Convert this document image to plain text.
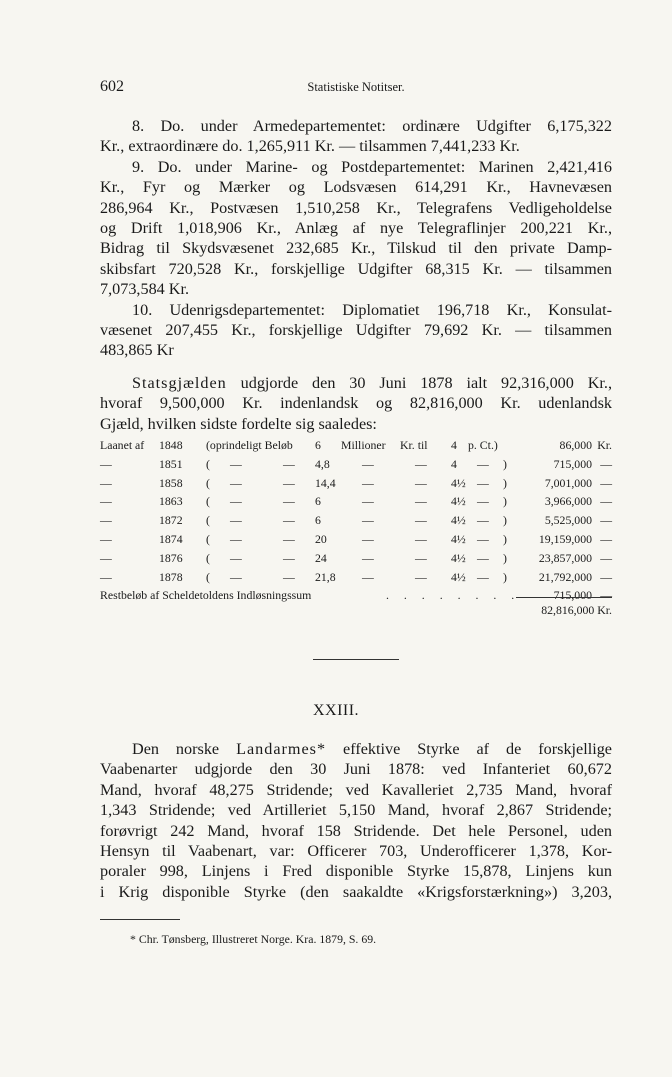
602	Statistiske Notitser.
8. Do. under Armedepartementet: ordinære Udgifter 6,175,322
Kr., extraordinære do. 1,265,911 Kr. — tilsammen 7,441,233 Kr.
9. Do. under Marine- og Postdepartementet: Marinen 2,421,416
Kr., Fyr og Mærker og Lodsvæsen 614,291 Kr., Havnevæsen
286,964 Kr., Postvæsen 1,510,258 Kr., Telegrafens Vedligeholdelse
og Drift 1,018,906 Kr., Anlæg af nye Telegraflinjer 200,221 Kr.,
Bidrag til Skydsvæsenet 232,685 Kr., Tilskud til den private Damp-
skibsfart 720,528 Kr., forskjellige Udgifter 68,315 Kr. — tilsammen
7,073,584 Kr.
10. Udenrigsdepartementet: Diplomatiet 196,718 Kr., Konsulat-
væsenet 207,455 Kr., forskjellige Udgifter 79,692 Kr. — tilsammen
483,865 Kr
Statsgjælden udgjorde den 30 Juni 1878 ialt 92,316,000 Kr.,
hvoraf 9,500,000 Kr. indenlandsk og 82,816,000 Kr. udenlandsk
Gjæld, hvilken sidste fordelte sig saaledes:
Laanet af 1848 (oprindeligt Beløb 6 Millioner Kr. til 4 p. Ct.)	86,000 Kr.
—	1851 ( —	— 4,8	—	— 4 — )	715,000 —
—	1858 ( —	— 14,4 —	— 4½ — )	7,001,000 —
—	1863 ( —	— 6	—	— 4½ — )	3,966,000 —
—	1872 ( —	— 6	—	— 4½ — )	5,525,000 —
—	1874 ( —	— 20	—	— 4½ — )	19,159,000 —
—	1876 ( —	— 24	—	— 4½ — )	23,857,000 —
—	1878 ( —	— 21,8 —	— 4½ — )	21,792,000 —
Restbeløb af Scheldetoldens Indløsningssum	. . . . . . . .	715,000 —
82,816,000 Kr.
XXIII.
Den norske Landarmes* effektive Styrke af de forskjellige
Vaabenarter udgjorde den 30 Juni 1878: ved Infanteriet 60,672
Mand, hvoraf 48,275 Stridende; ved Kavalleriet 2,735 Mand, hvoraf
1,343 Stridende; ved Artilleriet 5,150 Mand, hvoraf 2,867 Stridende;
forøvrigt 242 Mand, hvoraf 158 Stridende. Det hele Personel, uden
Hensyn til Vaabenart, var: Officerer 703, Underofficerer 1,378, Kor-
poraler 998, Linjens i Fred disponible Styrke 15,878, Linjens kun
i Krig disponible Styrke (den saakaldte «Krigsforstærkning») 3,203,
* Chr. Tønsberg, Illustreret Norge. Kra. 1879, S. 69.
